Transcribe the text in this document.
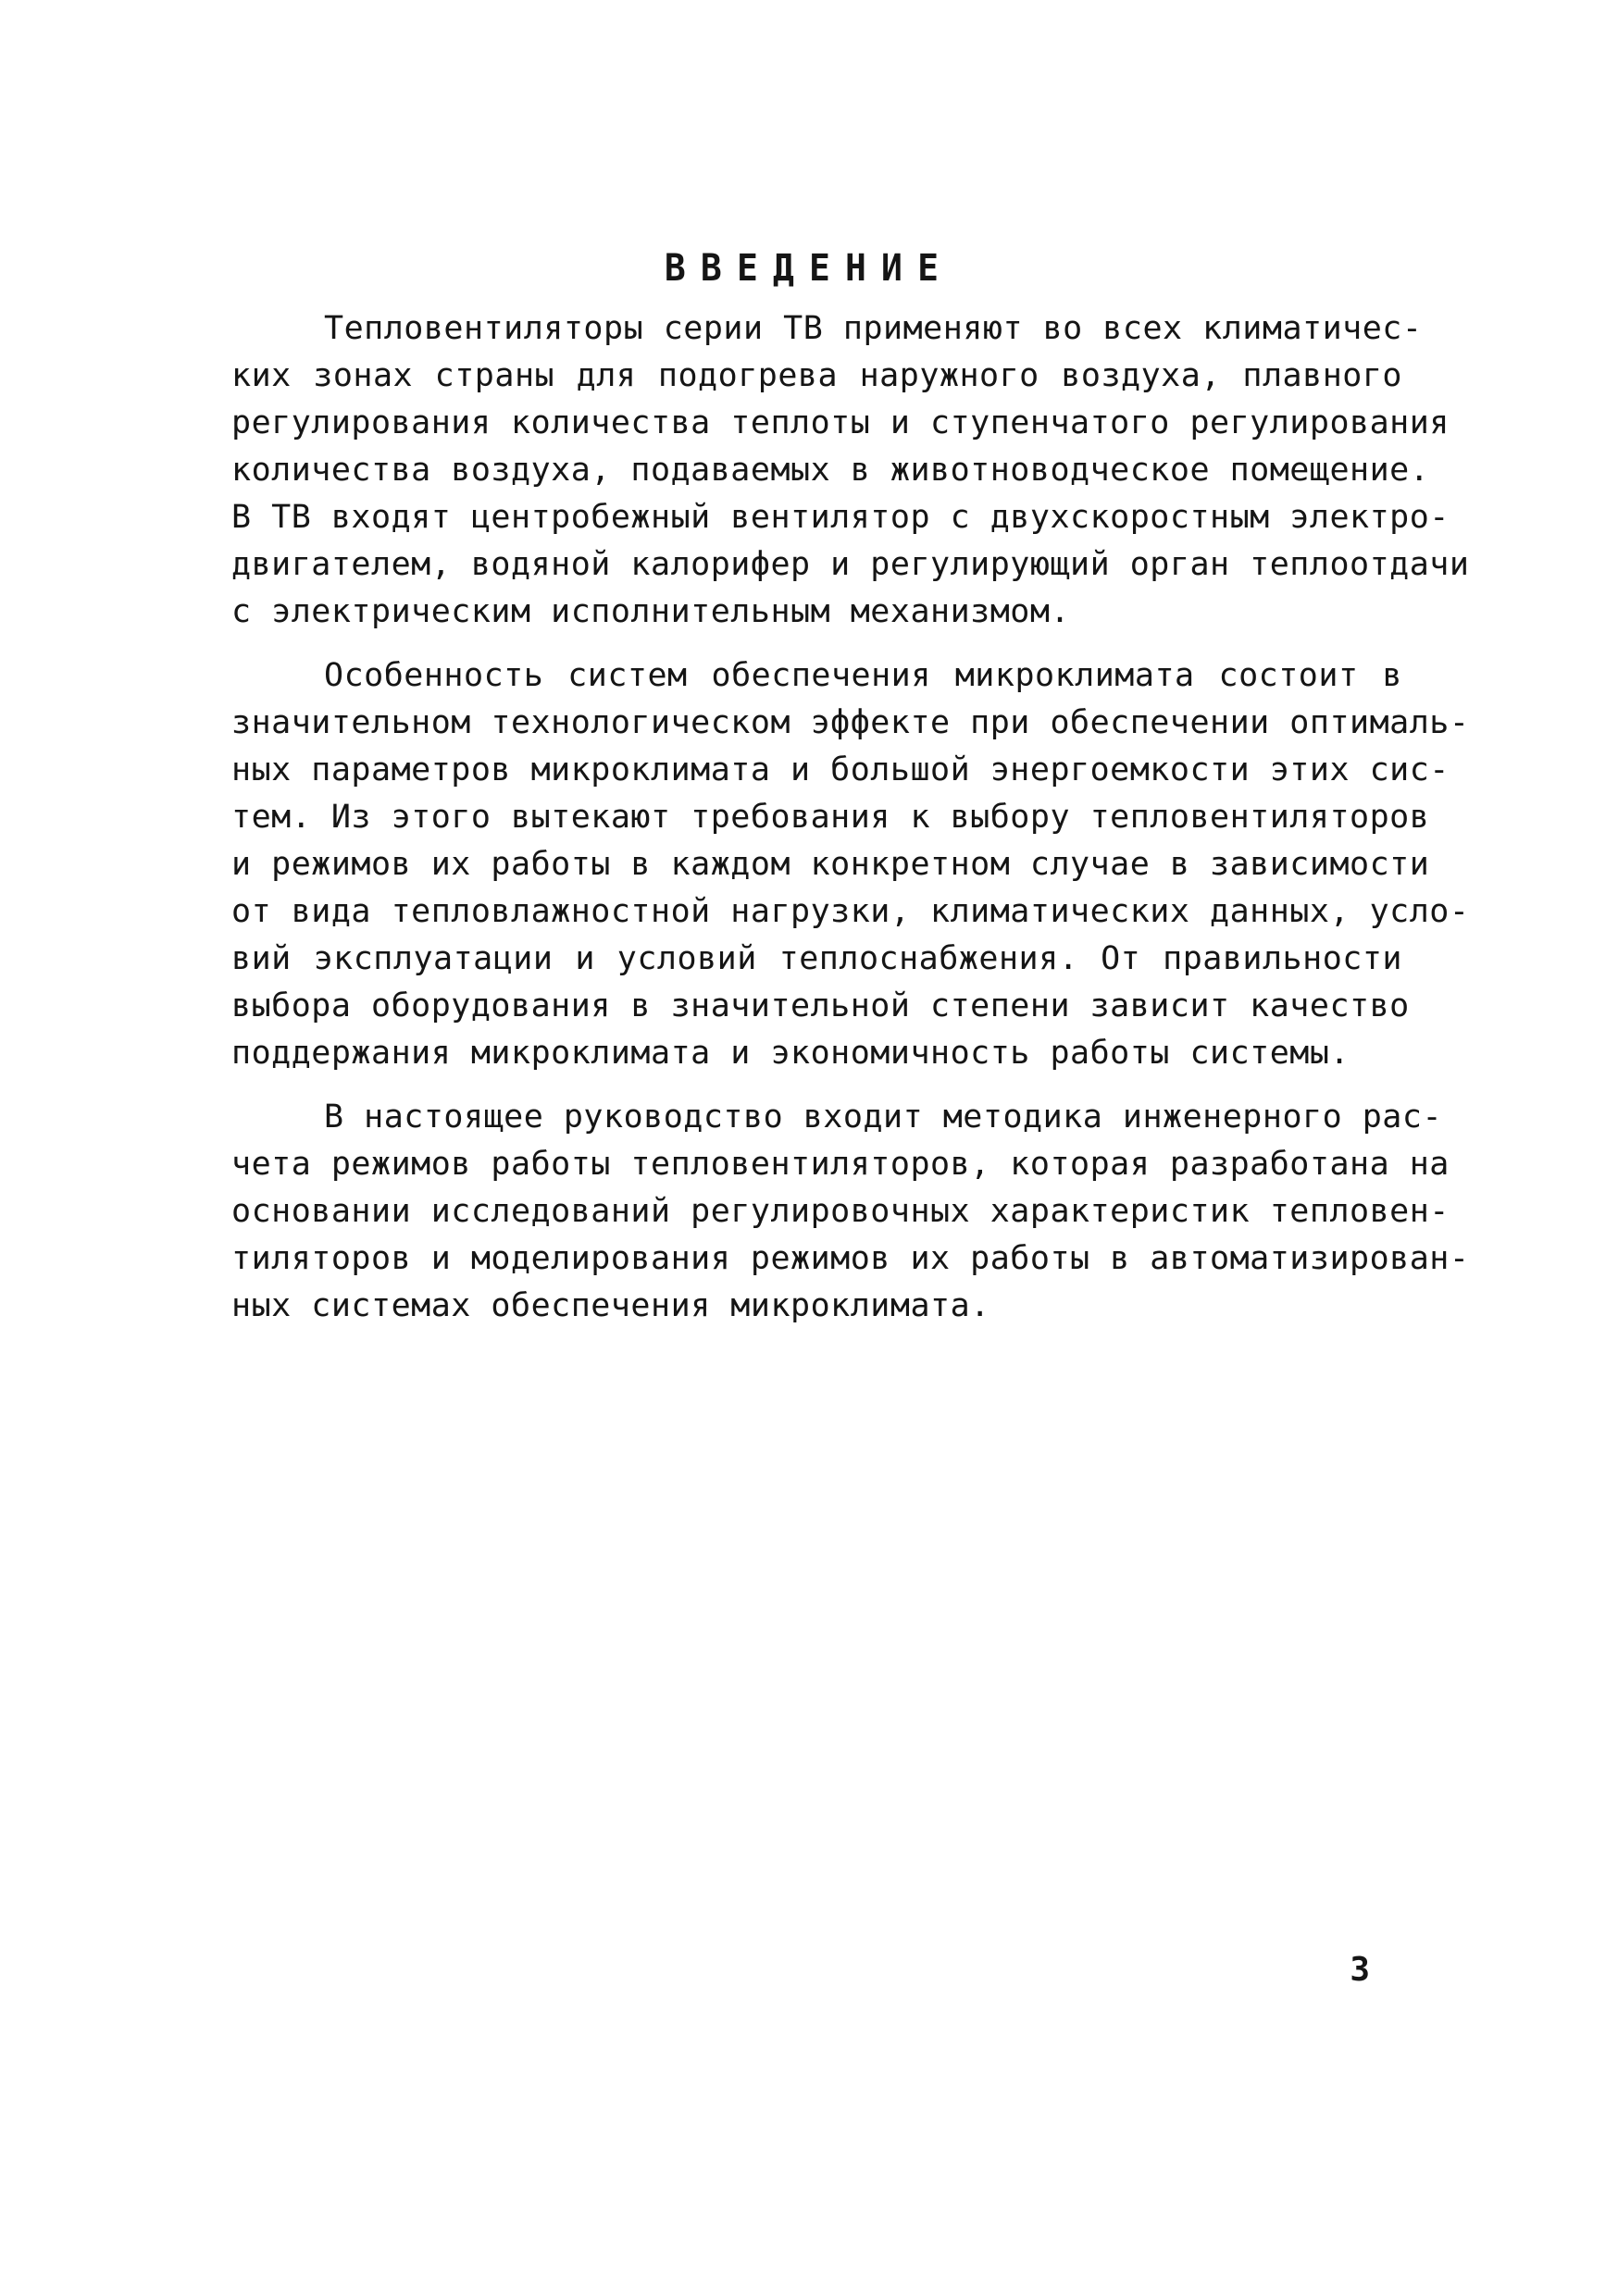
ВВЕДЕНИЕ
Тепловентиляторы серии ТВ применяют во всех климатичес-
ких зонах страны для подогрева наружного воздуха, плавного
регулирования количества теплоты и ступенчатого регулирования
количества воздуха, подаваемых в животноводческое помещение.
В ТВ входят центробежный вентилятор с двухскоростным электро-
двигателем, водяной калорифер и регулирующий орган теплоотдачи
с электрическим исполнительным механизмом.
Особенность систем обеспечения микроклимата состоит в
значительном технологическом эффекте при обеспечении оптималь-
ных параметров микроклимата и большой энергоемкости этих сис-
тем. Из этого вытекают требования к выбору тепловентиляторов
и режимов их работы в каждом конкретном случае в зависимости
от вида тепловлажностной нагрузки, климатических данных, усло-
вий эксплуатации и условий теплоснабжения. От правильности
выбора оборудования в значительной степени зависит качество
поддержания микроклимата и экономичность работы системы.
В настоящее руководство входит методика инженерного рас-
чета режимов работы тепловентиляторов, которая разработана на
основании исследований регулировочных характеристик тепловен-
тиляторов и моделирования режимов их работы в автоматизирован-
ных системах обеспечения микроклимата.
3
